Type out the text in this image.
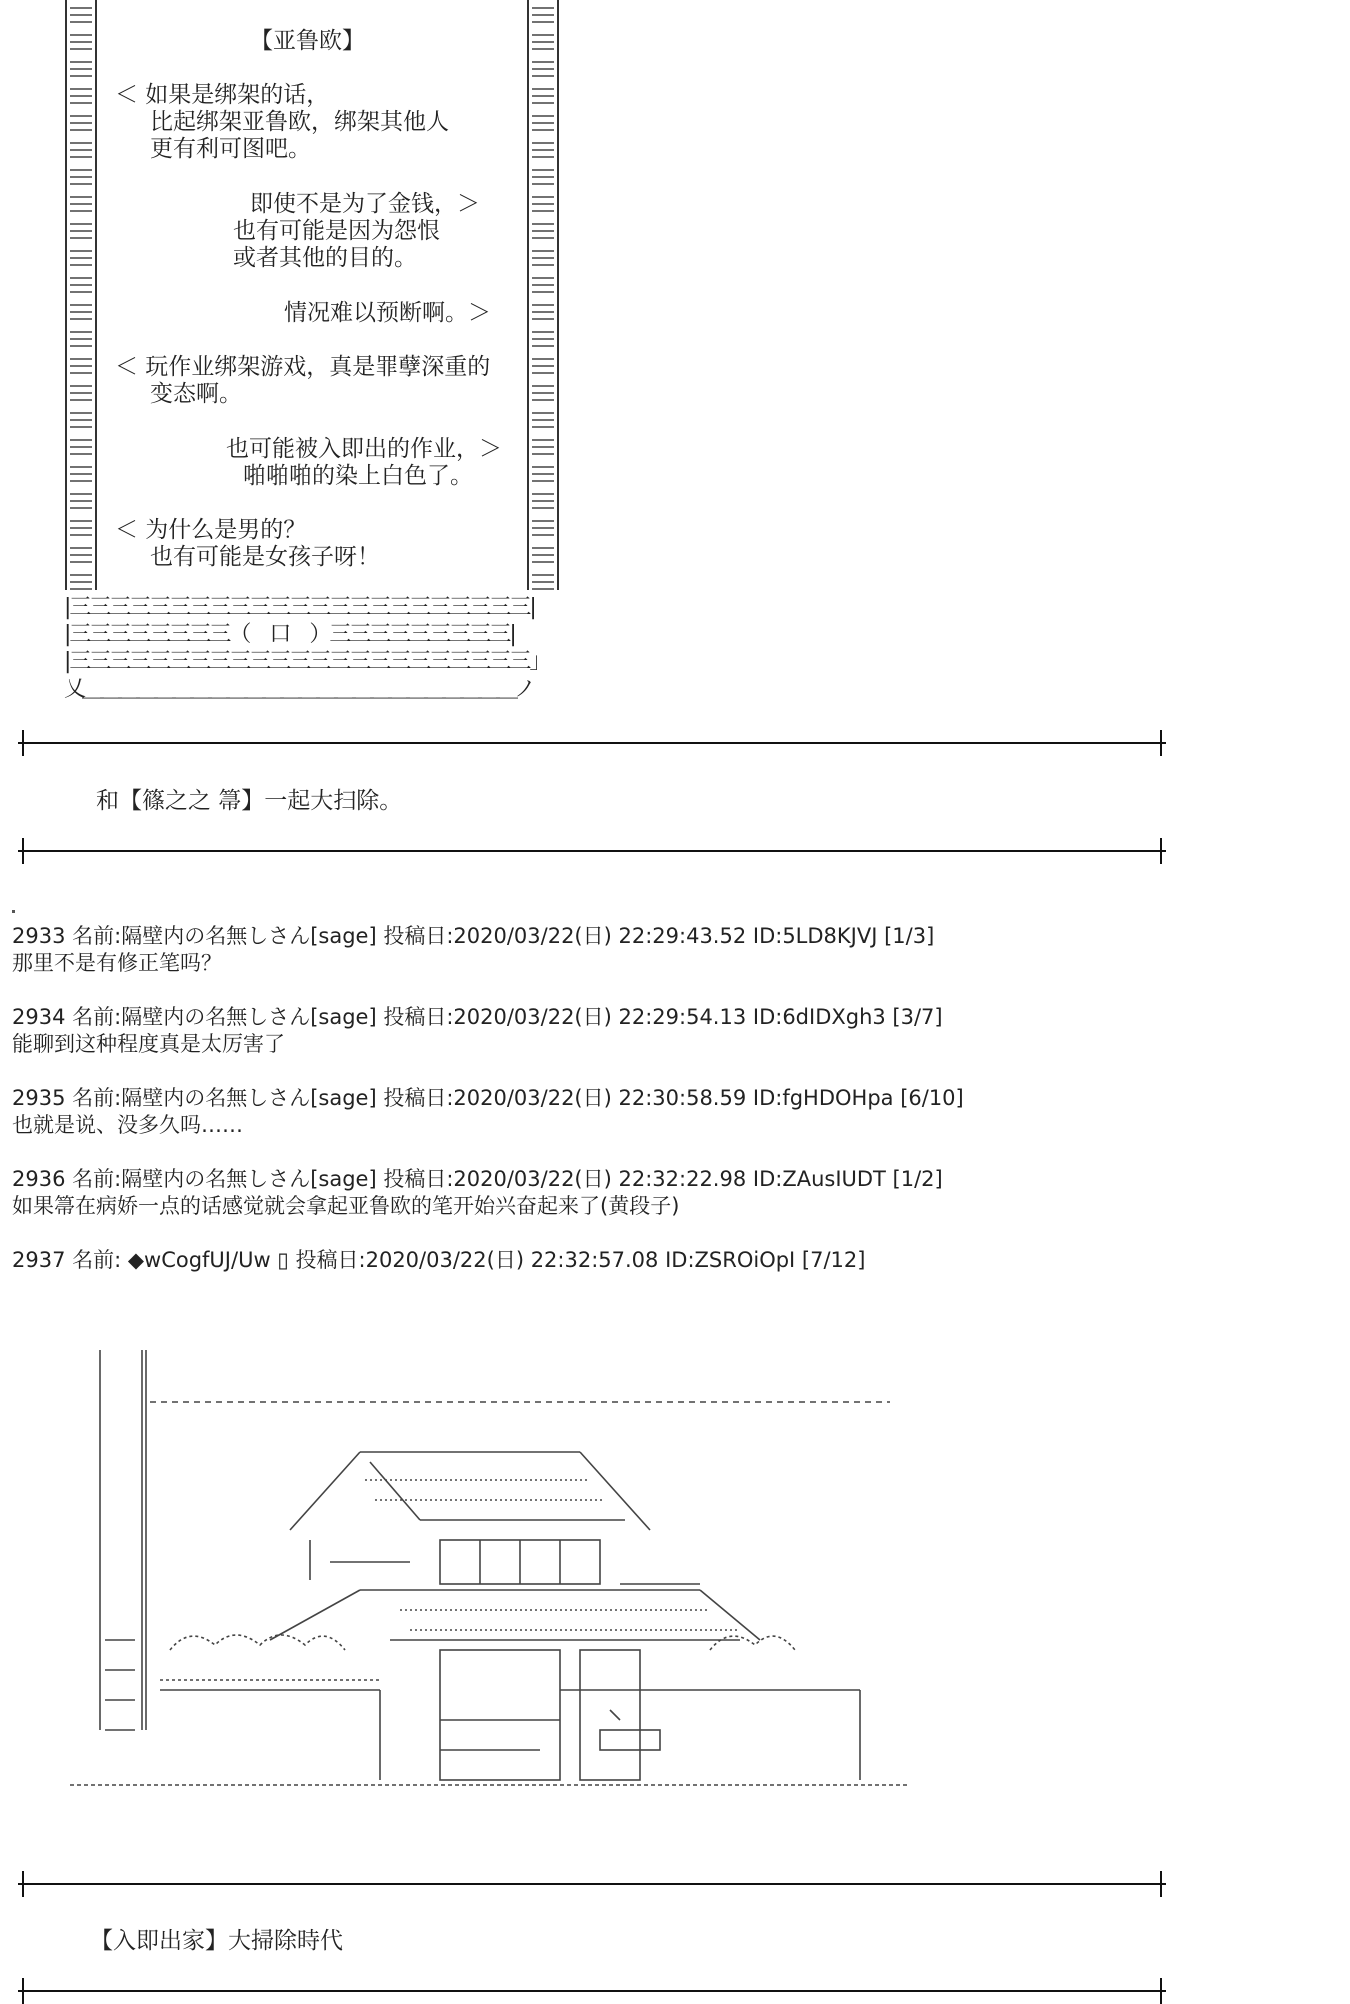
【亚鲁欧】
＜ 如果是绑架的话，
比起绑架亚鲁欧，绑架其他人
更有利可图吧。
即使不是为了金钱，＞
也有可能是因为怨恨
或者其他的目的。
情况难以预断啊。＞
＜ 玩作业绑架游戏，真是罪孽深重的
变态啊。
也可能被入即出的作业，＞
啪啪啪的染上白色了。
＜ 为什么是男的？
也有可能是女孩子呀！
|三三三三三三三三三三三三三三三三三三三三三三三|
|三三三三三三三三（　口　）三三三三三三三三三|
|三三三三三三三三三三三三三三三三三三三三三三三」
乂＿＿＿＿＿＿＿＿＿＿＿＿＿＿＿＿＿＿＿＿＿＿＿＿ノ
和【篠之之 箒】一起大扫除。
2933 名前:隔壁内の名無しさん[sage] 投稿日:2020/03/22(日) 22:29:43.52 ID:5LD8KJVJ [1/3]
那里不是有修正笔吗？
2934 名前:隔壁内の名無しさん[sage] 投稿日:2020/03/22(日) 22:29:54.13 ID:6dIDXgh3 [3/7]
能聊到这种程度真是太厉害了
2935 名前:隔壁内の名無しさん[sage] 投稿日:2020/03/22(日) 22:30:58.59 ID:fgHDOHpa [6/10]
也就是说、没多久吗……
2936 名前:隔壁内の名無しさん[sage] 投稿日:2020/03/22(日) 22:32:22.98 ID:ZAusIUDT [1/2]
如果箒在病娇一点的话感觉就会拿起亚鲁欧的笔开始兴奋起来了(黄段子)
2937 名前: ◆wCogfUJ/Uw ▯ 投稿日:2020/03/22(日) 22:32:57.08 ID:ZSROiOpI [7/12]
【入即出家】大掃除時代
